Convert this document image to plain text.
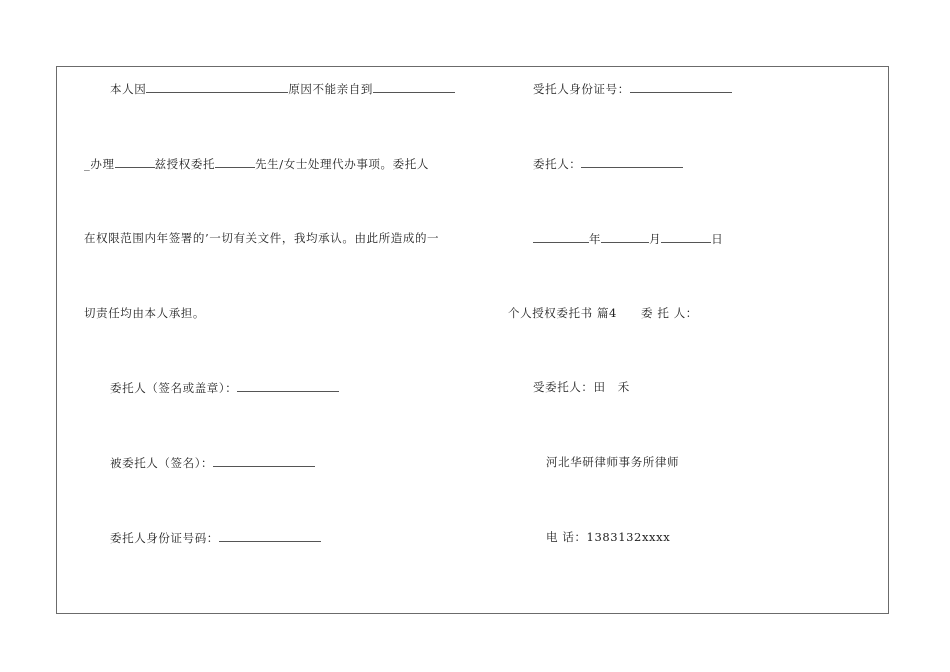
本人因	原因不能亲自到
_办理	兹授权委托	先生/女士处理代办事项。委托人
在权限范围内年签署的’一切有关文件，我均承认。由此所造成的一
切责任均由本人承担。
委托人（签名或盖章）：
被委托人（签名）：
委托人身份证号码：
受托人身份证号：
委托人：
年	月	日
个人授权委托书 篇4 委 托 人：
受委托人：田　禾
河北华研律师事务所律师
电 话：1383132xxxx
